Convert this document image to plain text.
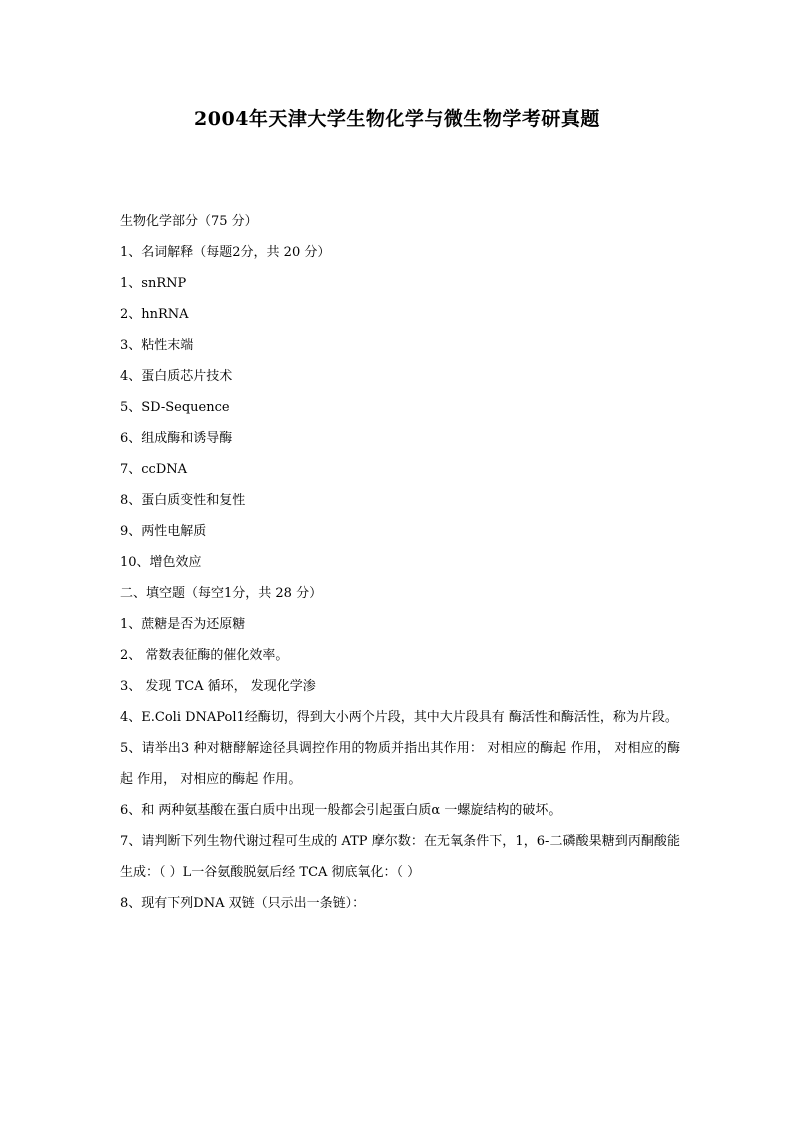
2004年天津大学生物化学与微生物学考研真题

生物化学部分（75 分）

1、名词解释（每题2分，共 20 分）

1、snRNP

2、hnRNA

3、粘性末端

4、蛋白质芯片技术

5、SD-Sequence

6、组成酶和诱导酶

7、ccDNA

8、蛋白质变性和复性

9、两性电解质

10、增色效应

二、填空题（每空1分，共 28 分）

1、蔗糖是否为还原糖

2、 常数表征酶的催化效率。

3、 发现 TCA 循环， 发现化学渗

4、E.Coli DNAPol1经酶切，得到大小两个片段，其中大片段具有 酶活性和酶活性，称为片段。

5、请举出3 种对糖酵解途径具调控作用的物质并指出其作用： 对相应的酶起 作用， 对相应的酶起 作用， 对相应的酶起 作用。

6、和 两种氨基酸在蛋白质中出现一般都会引起蛋白质α 一螺旋结构的破坏。

7、请判断下列生物代谢过程可生成的 ATP 摩尔数：在无氧条件下，1，6-二磷酸果糖到丙酮酸能生成：（ ）L一谷氨酸脱氨后经 TCA 彻底氧化：（ ）

8、现有下列DNA 双链（只示出一条链）：
